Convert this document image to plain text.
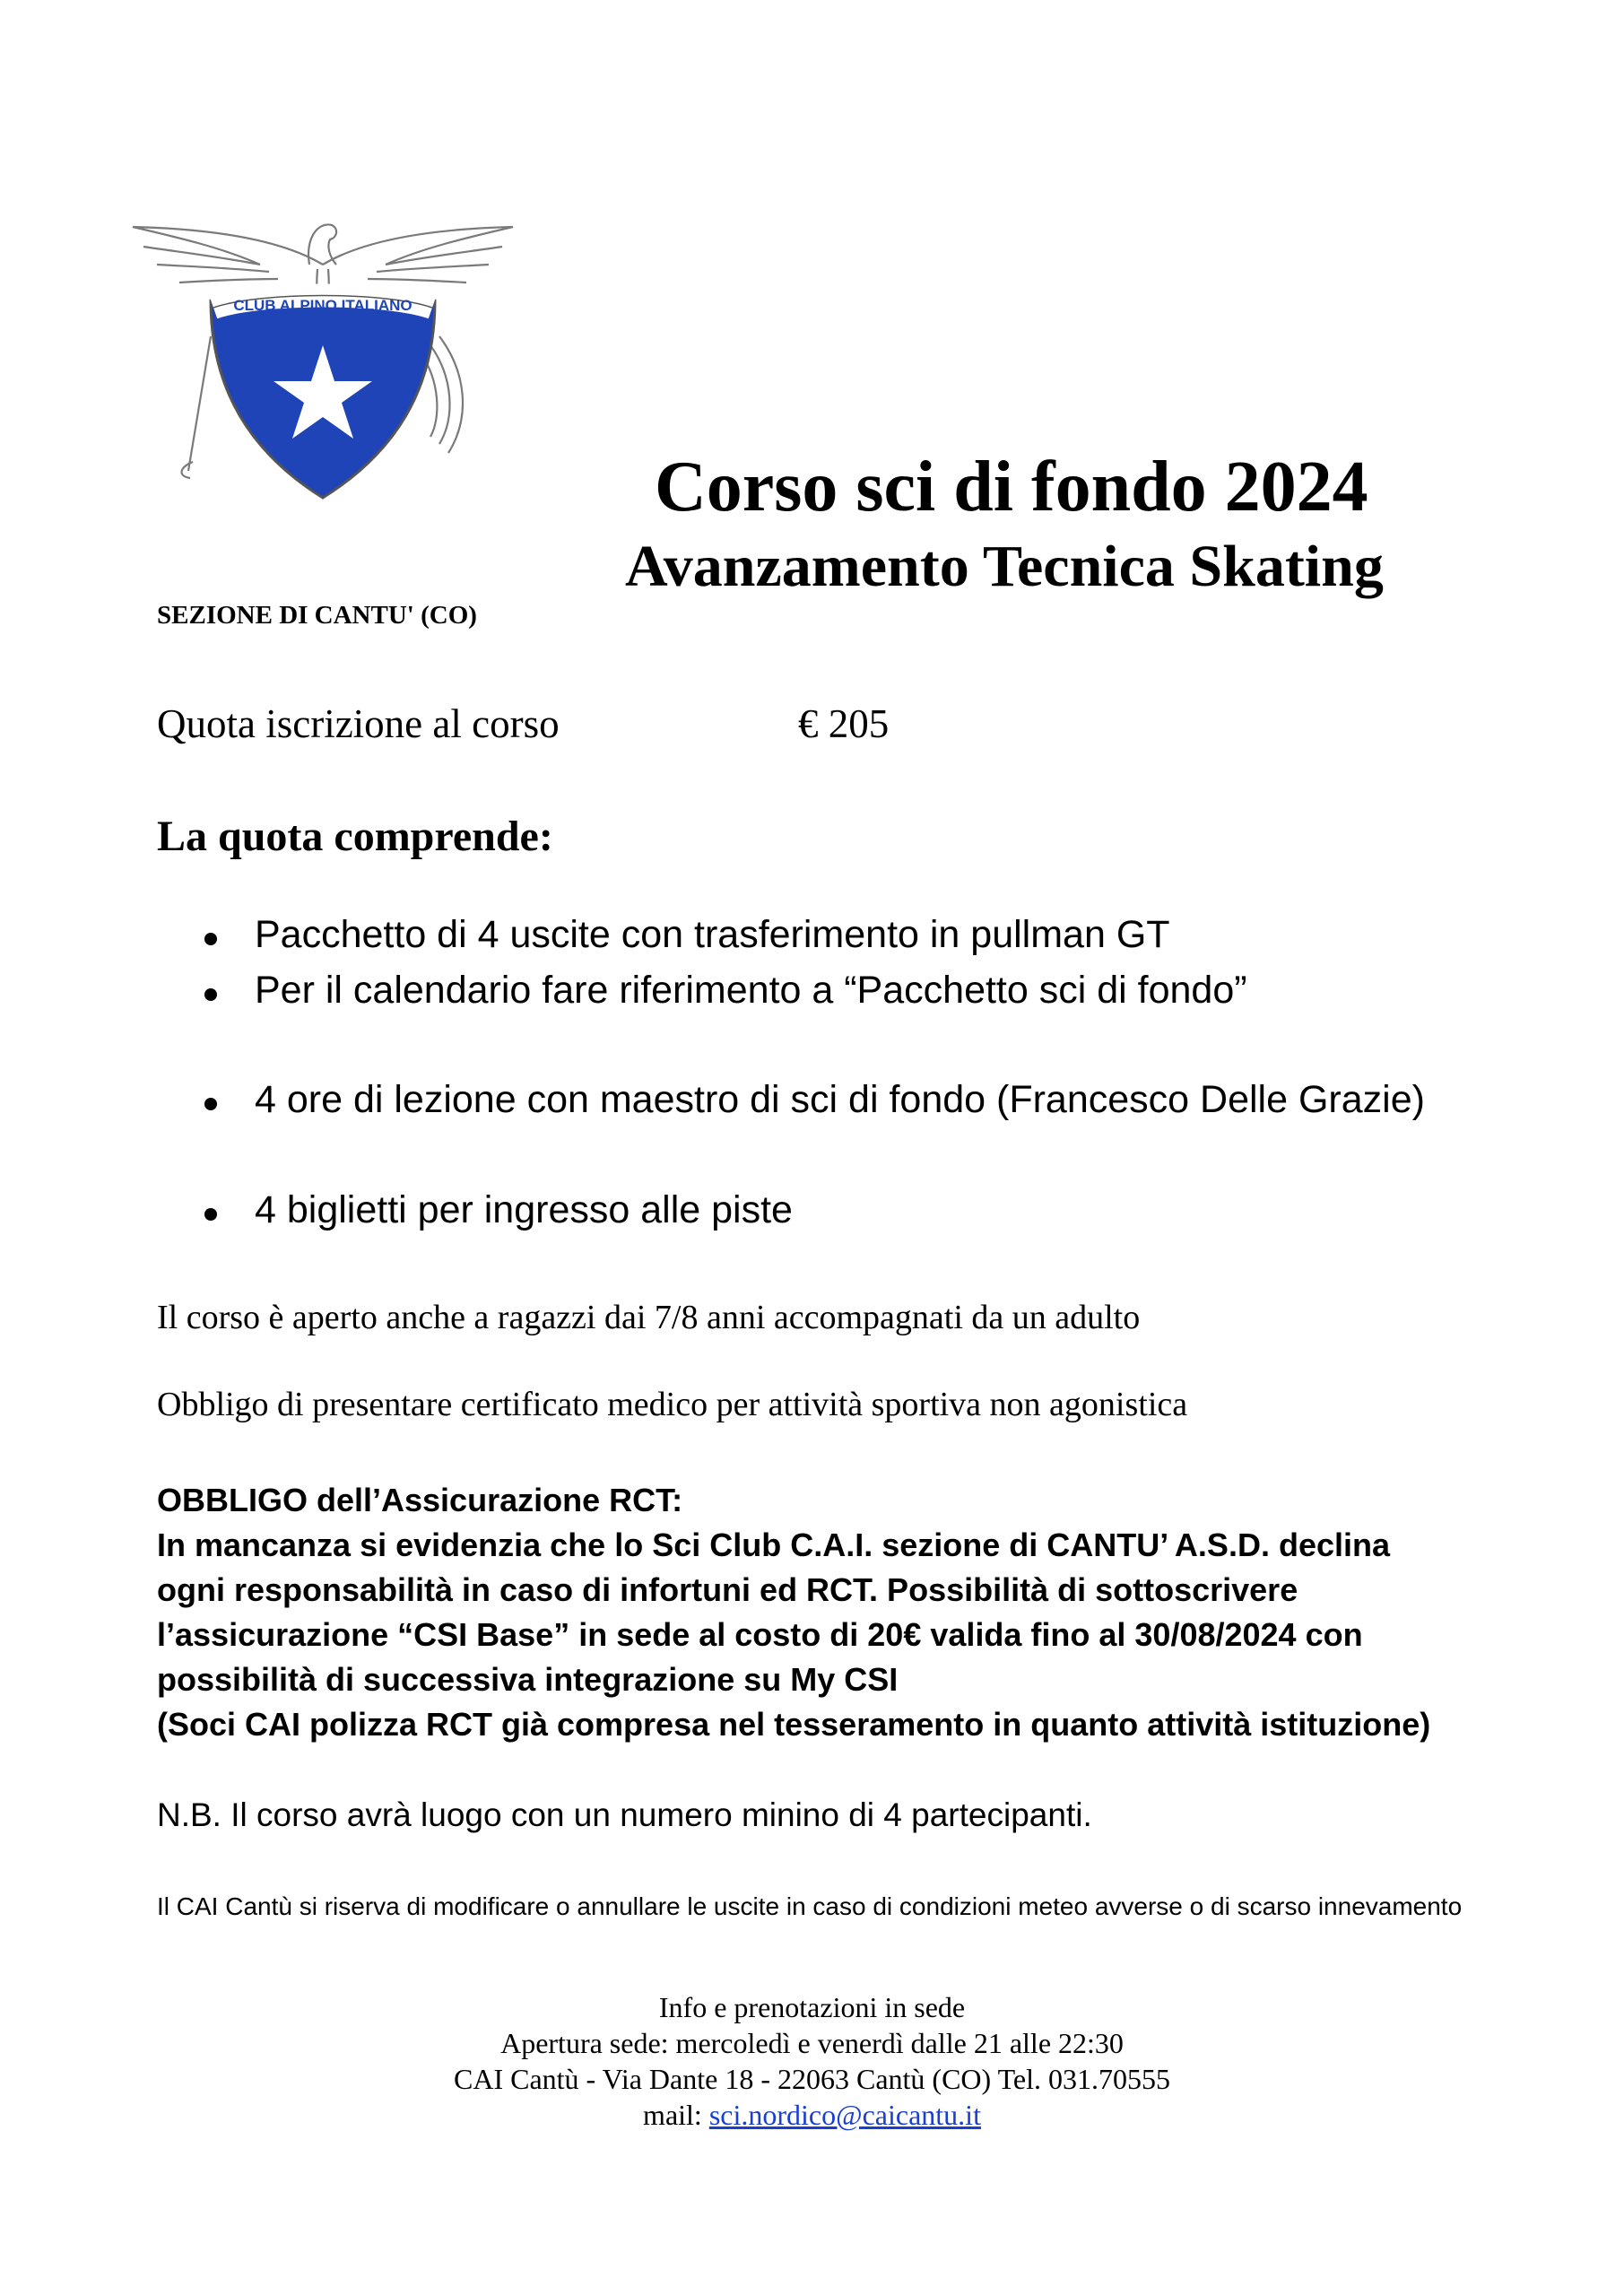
CLUB ALPINO ITALIANO
Corso sci di fondo 2024
Avanzamento Tecnica Skating
SEZIONE DI CANTU' (CO)
Quota iscrizione al corso	€ 205
La quota comprende:
Pacchetto di 4 uscite con trasferimento in pullman GT
Per il calendario fare riferimento a “Pacchetto sci di fondo”
4 ore di lezione con maestro di sci di fondo (Francesco Delle Grazie)
4 biglietti per ingresso alle piste
Il corso è aperto anche a ragazzi dai 7/8 anni accompagnati da un adulto
Obbligo di presentare certificato medico per attività sportiva non agonistica
OBBLIGO dell’Assicurazione RCT:
In mancanza si evidenzia che lo Sci Club C.A.I. sezione di CANTU’ A.S.D. declina
ogni responsabilità in caso di infortuni ed RCT. Possibilità di sottoscrivere
l’assicurazione “CSI Base” in sede al costo di 20€ valida fino al 30/08/2024 con
possibilità di successiva integrazione su My CSI
(Soci CAI polizza RCT già compresa nel tesseramento in quanto attività istituzione)
N.B. Il corso avrà luogo con un numero minino di 4 partecipanti.
Il CAI Cantù si riserva di modificare o annullare le uscite in caso di condizioni meteo avverse o di scarso innevamento
Info e prenotazioni in sede
Apertura sede: mercoledì e venerdì dalle 21 alle 22:30
CAI Cantù - Via Dante 18 - 22063 Cantù (CO) Tel. 031.70555
mail: sci.nordico@caicantu.it
